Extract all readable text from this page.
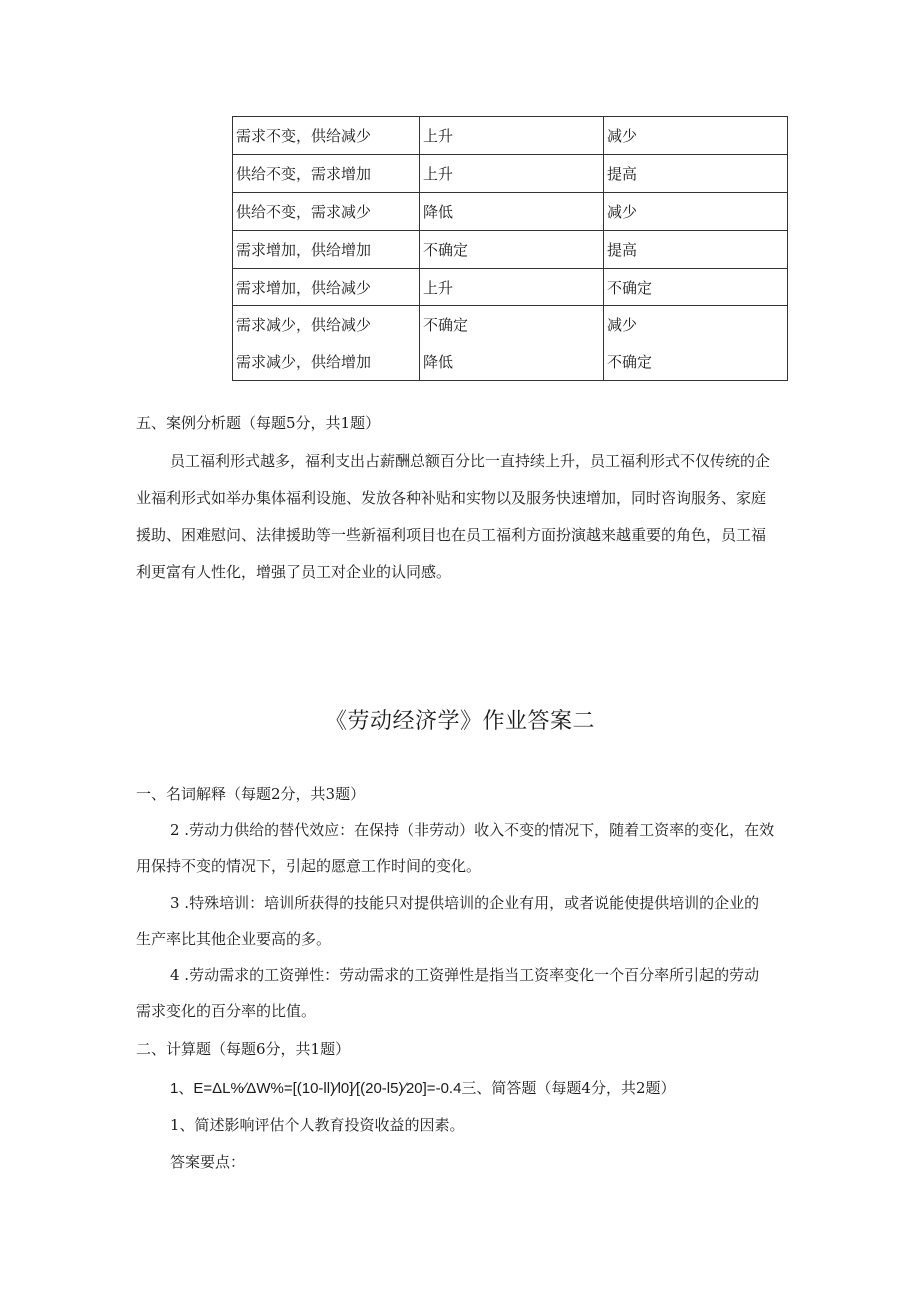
需求不变，供给减少	上升	减少
供给不变，需求增加	上升	提高
供给不变，需求减少	降低	减少
需求增加，供给增加	不确定	提高
需求增加，供给减少	上升	不确定
需求减少，供给减少	不确定	减少
需求减少，供给增加	降低	不确定
五、案例分析题（每题5分，共1题）
员工福利形式越多，福利支出占薪酬总额百分比一直持续上升，员工福利形式不仅传统的企
业福利形式如举办集体福利设施、发放各种补贴和实物以及服务快速增加，同时咨询服务、家庭
援助、困难慰问、法律援助等一些新福利项目也在员工福利方面扮演越来越重要的角色，员工福
利更富有人性化，增强了员工对企业的认同感。
《劳动经济学》作业答案二
一、名词解释（每题2分，共3题）
2 .劳动力供给的替代效应：在保持（非劳动）收入不变的情况下，随着工资率的变化，在效
用保持不变的情况下，引起的愿意工作时间的变化。
3 .特殊培训：培训所获得的技能只对提供培训的企业有用，或者说能使提供培训的企业的
生产率比其他企业要高的多。
4 .劳动需求的工资弹性：劳动需求的工资弹性是指当工资率变化一个百分率所引起的劳动
需求变化的百分率的比值。
二、计算题（每题6分，共1题）
1、E=ΔL%∕ΔW%=[(10-ll)∕l0]∕[(20-l5)∕20]=-0.4三、简答题（每题4分，共2题）
1、简述影响评估个人教育投资收益的因素。
答案要点：
